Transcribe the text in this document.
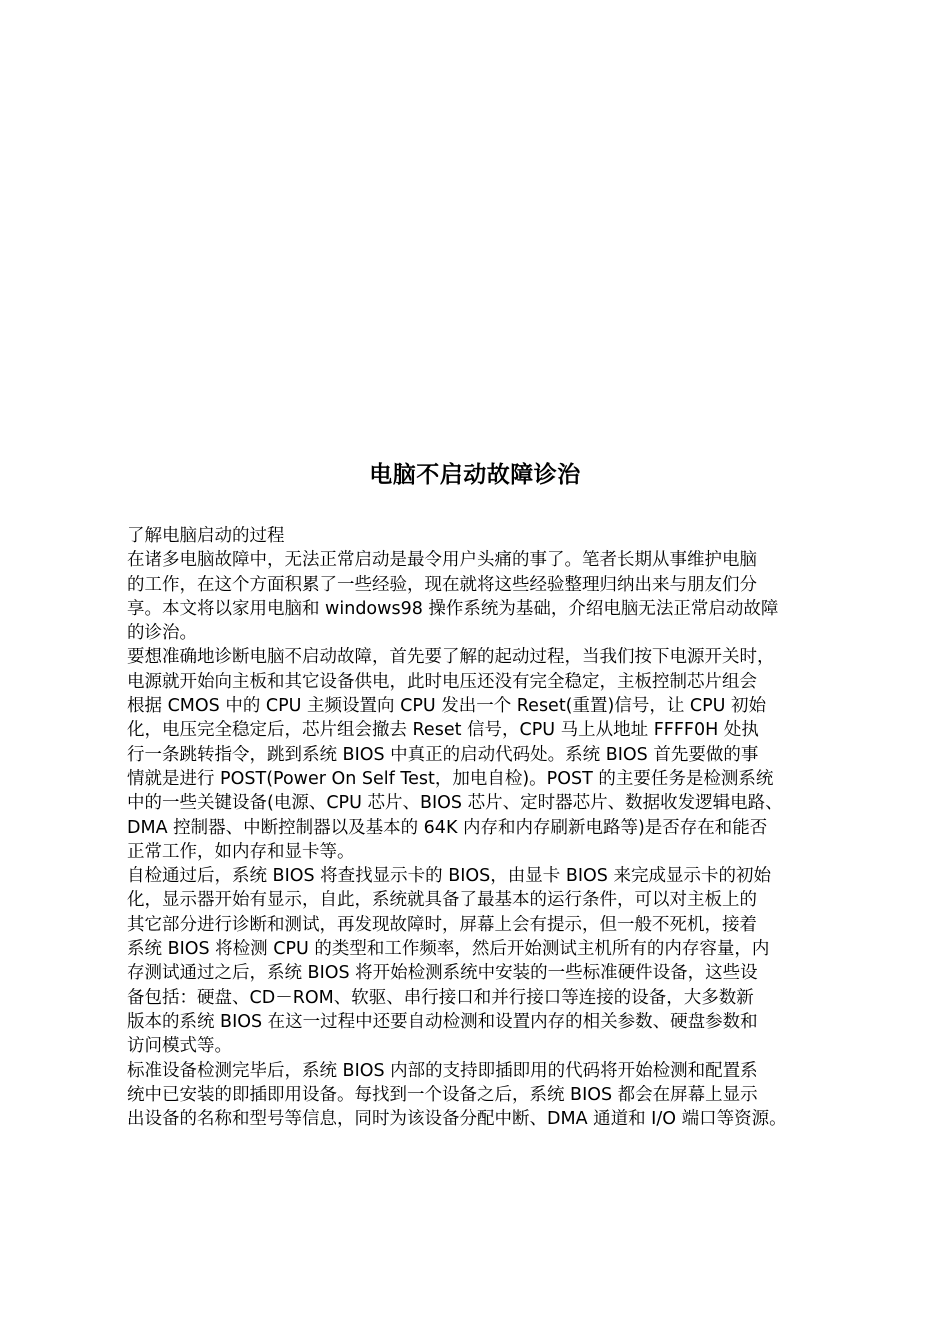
电脑不启动故障诊治
了解电脑启动的过程
在诸多电脑故障中，无法正常启动是最令用户头痛的事了。笔者长期从事维护电脑
的工作，在这个方面积累了一些经验，现在就将这些经验整理归纳出来与朋友们分
享。本文将以家用电脑和 windows98 操作系统为基础，介绍电脑无法正常启动故障
的诊治。
要想准确地诊断电脑不启动故障，首先要了解的起动过程，当我们按下电源开关时，
电源就开始向主板和其它设备供电，此时电压还没有完全稳定，主板控制芯片组会
根据 CMOS 中的 CPU 主频设置向 CPU 发出一个 Reset(重置)信号，让 CPU 初始
化，电压完全稳定后，芯片组会撤去 Reset 信号，CPU 马上从地址 FFFF0H 处执
行一条跳转指令，跳到系统 BIOS 中真正的启动代码处。系统 BIOS 首先要做的事
情就是进行 POST(Power On Self Test，加电自检)。POST 的主要任务是检测系统
中的一些关键设备(电源、CPU 芯片、BIOS 芯片、定时器芯片、数据收发逻辑电路、
DMA 控制器、中断控制器以及基本的 64K 内存和内存刷新电路等)是否存在和能否
正常工作，如内存和显卡等。
自检通过后，系统 BIOS 将查找显示卡的 BIOS，由显卡 BIOS 来完成显示卡的初始
化，显示器开始有显示，自此，系统就具备了最基本的运行条件，可以对主板上的
其它部分进行诊断和测试，再发现故障时，屏幕上会有提示，但一般不死机，接着
系统 BIOS 将检测 CPU 的类型和工作频率，然后开始测试主机所有的内存容量，内
存测试通过之后，系统 BIOS 将开始检测系统中安装的一些标准硬件设备，这些设
备包括：硬盘、CD－ROM、软驱、串行接口和并行接口等连接的设备，大多数新
版本的系统 BIOS 在这一过程中还要自动检测和设置内存的相关参数、硬盘参数和
访问模式等。
标准设备检测完毕后，系统 BIOS 内部的支持即插即用的代码将开始检测和配置系
统中已安装的即插即用设备。每找到一个设备之后，系统 BIOS 都会在屏幕上显示
出设备的名称和型号等信息，同时为该设备分配中断、DMA 通道和 I/O 端口等资源。
